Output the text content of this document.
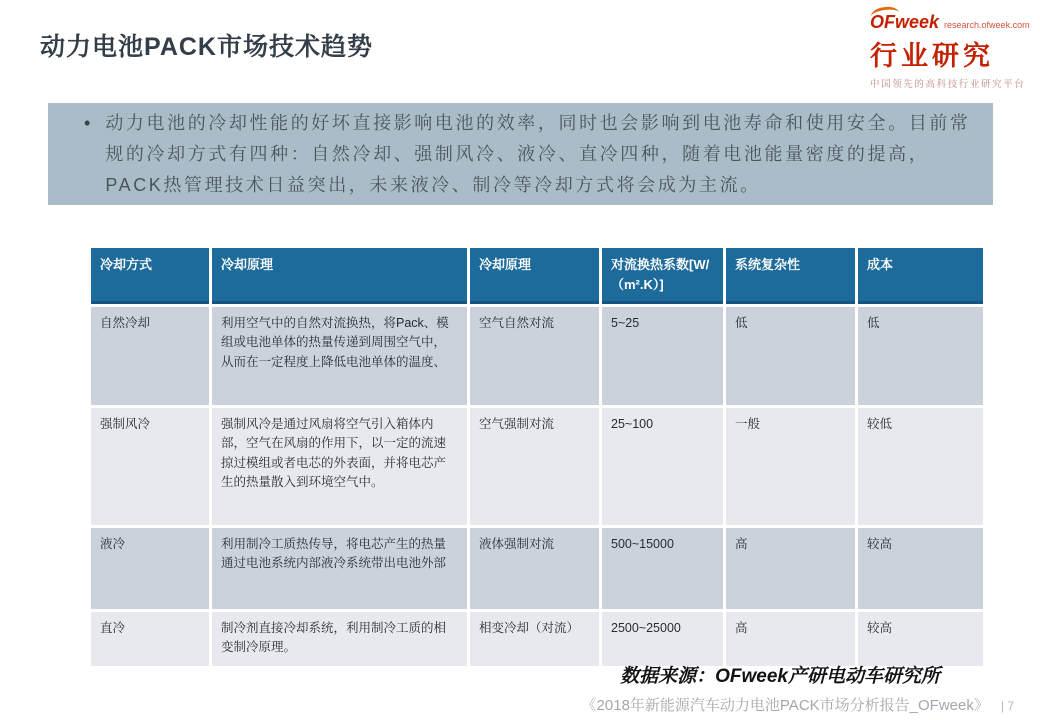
动力电池PACK市场技术趋势
OFweek research.ofweek.com
行业研究
中国领先的高科技行业研究平台
• 动力电池的冷却性能的好坏直接影响电池的效率，同时也会影响到电池寿命和使用安全。目前常规的冷却方式有四种：自然冷却、强制风冷、液冷、直冷四种，随着电池能量密度的提高，PACK热管理技术日益突出，未来液冷、制冷等冷却方式将会成为主流。

冷却方式	冷却原理	冷却原理	对流换热系数[W/（m².K）]	系统复杂性	成本
自然冷却	利用空气中的自然对流换热，将Pack、模组或电池单体的热量传递到周围空气中，从而在一定程度上降低电池单体的温度、	空气自然对流	5~25	低	低
强制风冷	强制风冷是通过风扇将空气引入箱体内部，空气在风扇的作用下，以一定的流速掠过模组或者电芯的外表面，并将电芯产生的热量散入到环境空气中。	空气强制对流	25~100	一般	较低
液冷	利用制冷工质热传导，将电芯产生的热量通过电池系统内部液冷系统带出电池外部	液体强制对流	500~15000	高	较高
直冷	制冷剂直接冷却系统，利用制冷工质的相变制冷原理。	相变冷却（对流）	2500~25000	高	较高
数据来源：OFweek产研电动车研究所
《2018年新能源汽车动力电池PACK市场分析报告_OFweek》 | 7
